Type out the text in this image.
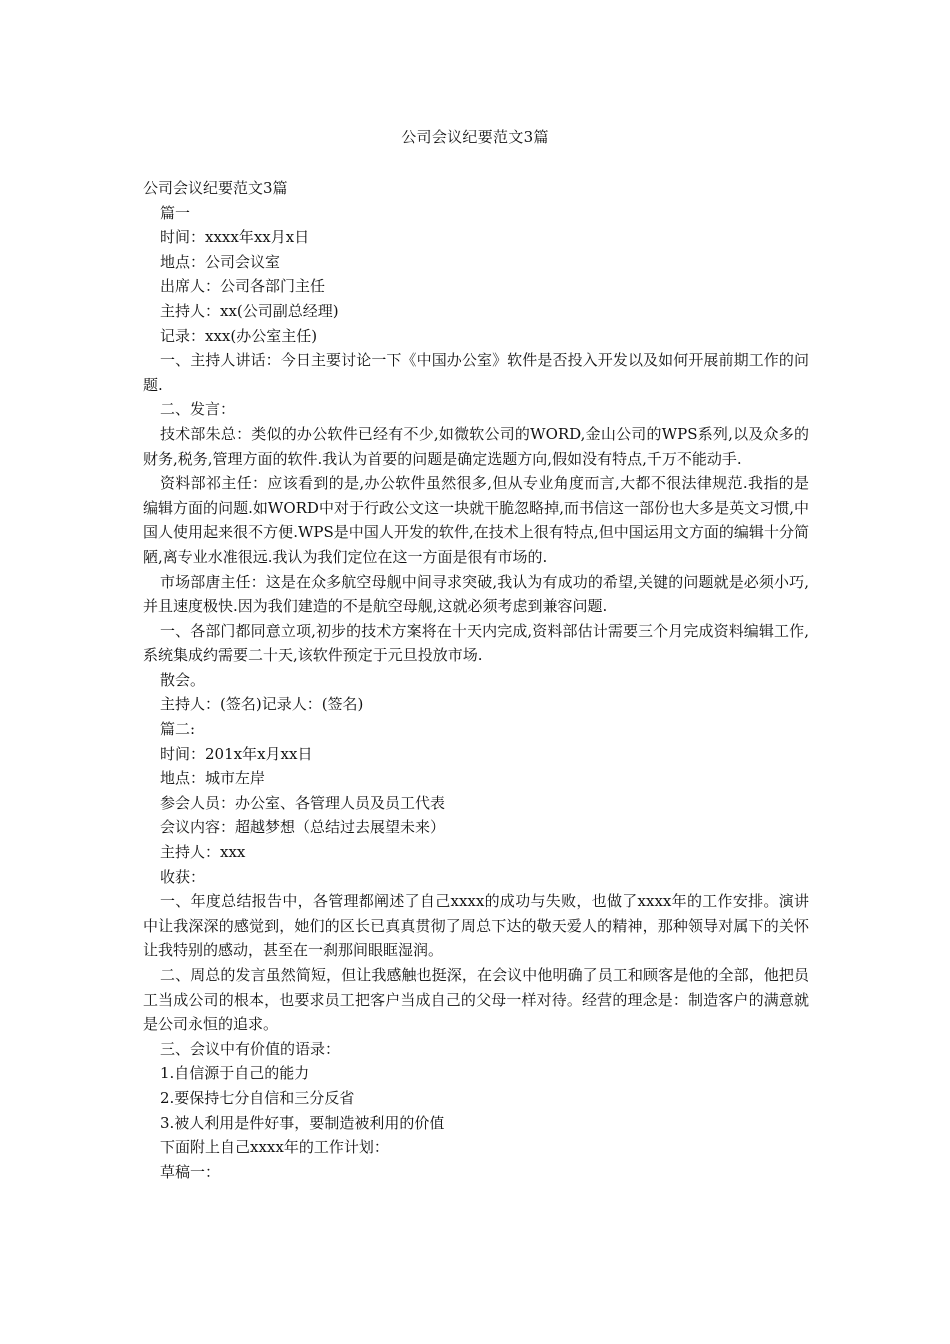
公司会议纪要范文3篇

公司会议纪要范文3篇

篇一

时间：xxxx年xx月x日

地点：公司会议室

出席人：公司各部门主任

主持人：xx(公司副总经理)

记录：xxx(办公室主任)

一、主持人讲话：今日主要讨论一下《中国办公室》软件是否投入开发以及如何开展前期工作的问题.

二、发言：

技术部朱总：类似的办公软件已经有不少,如微软公司的WORD,金山公司的WPS系列,以及众多的财务,税务,管理方面的软件.我认为首要的问题是确定选题方向,假如没有特点,千万不能动手.

资料部祁主任：应该看到的是,办公软件虽然很多,但从专业角度而言,大都不很法律规范.我指的是编辑方面的问题.如WORD中对于行政公文这一块就干脆忽略掉,而书信这一部份也大多是英文习惯,中国人使用起来很不方便.WPS是中国人开发的软件,在技术上很有特点,但中国运用文方面的编辑十分简陋,离专业水准很远.我认为我们定位在这一方面是很有市场的.

市场部唐主任：这是在众多航空母舰中间寻求突破,我认为有成功的希望,关键的问题就是必须小巧,并且速度极快.因为我们建造的不是航空母舰,这就必须考虑到兼容问题.

一、各部门都同意立项,初步的技术方案将在十天内完成,资料部估计需要三个月完成资料编辑工作,系统集成约需要二十天,该软件预定于元旦投放市场.

散会。

主持人：(签名)记录人：(签名)

篇二:

时间：201x年x月xx日

地点：城市左岸

参会人员：办公室、各管理人员及员工代表

会议内容：超越梦想（总结过去展望未来）

主持人：xxx

收获：

一、年度总结报告中，各管理都阐述了自己xxxx的成功与失败，也做了xxxx年的工作安排。演讲中让我深深的感觉到，她们的区长已真真贯彻了周总下达的敬天爱人的精神，那种领导对属下的关怀让我特别的感动，甚至在一刹那间眼眶湿润。

二、周总的发言虽然简短，但让我感触也挺深，在会议中他明确了员工和顾客是他的全部，他把员工当成公司的根本，也要求员工把客户当成自己的父母一样对待。经营的理念是：制造客户的满意就是公司永恒的追求。

三、会议中有价值的语录：

1.自信源于自己的能力

2.要保持七分自信和三分反省

3.被人利用是件好事，要制造被利用的价值

下面附上自己xxxx年的工作计划：

草稿一：
